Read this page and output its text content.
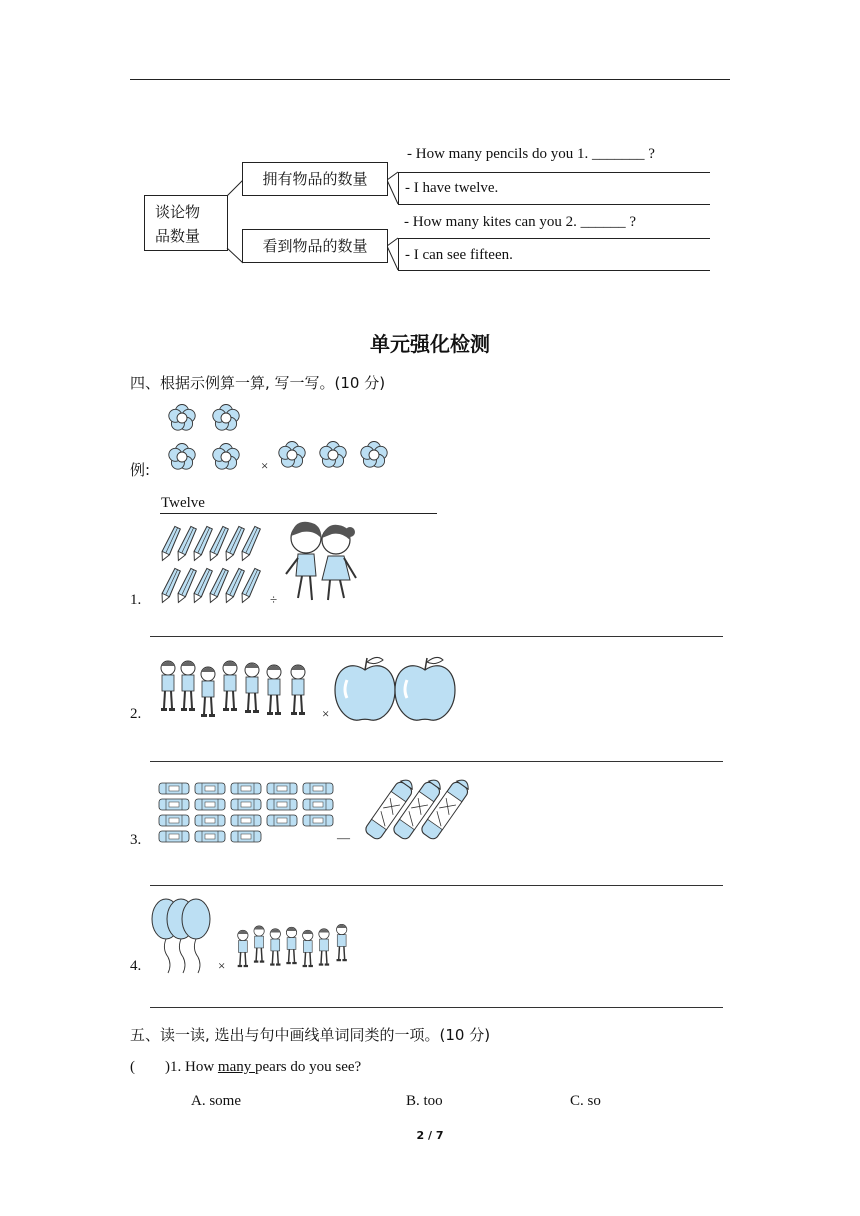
谈论物
品数量
拥有物品的数量
看到物品的数量
- How many pencils do you 1. _______ ?
- I have twelve.
- How many kites can you 2. ______ ?
- I can see fifteen.
单元强化检测
四、根据示例算一算, 写一写。(10 分)
例:	×
Twelve
1.	÷
2.	×
3.	—
4.	×
五、读一读, 选出与句中画线单词同类的一项。(10 分)
(        )1. How many pears do you see?
A. some	B. too	C. so
2 / 7
